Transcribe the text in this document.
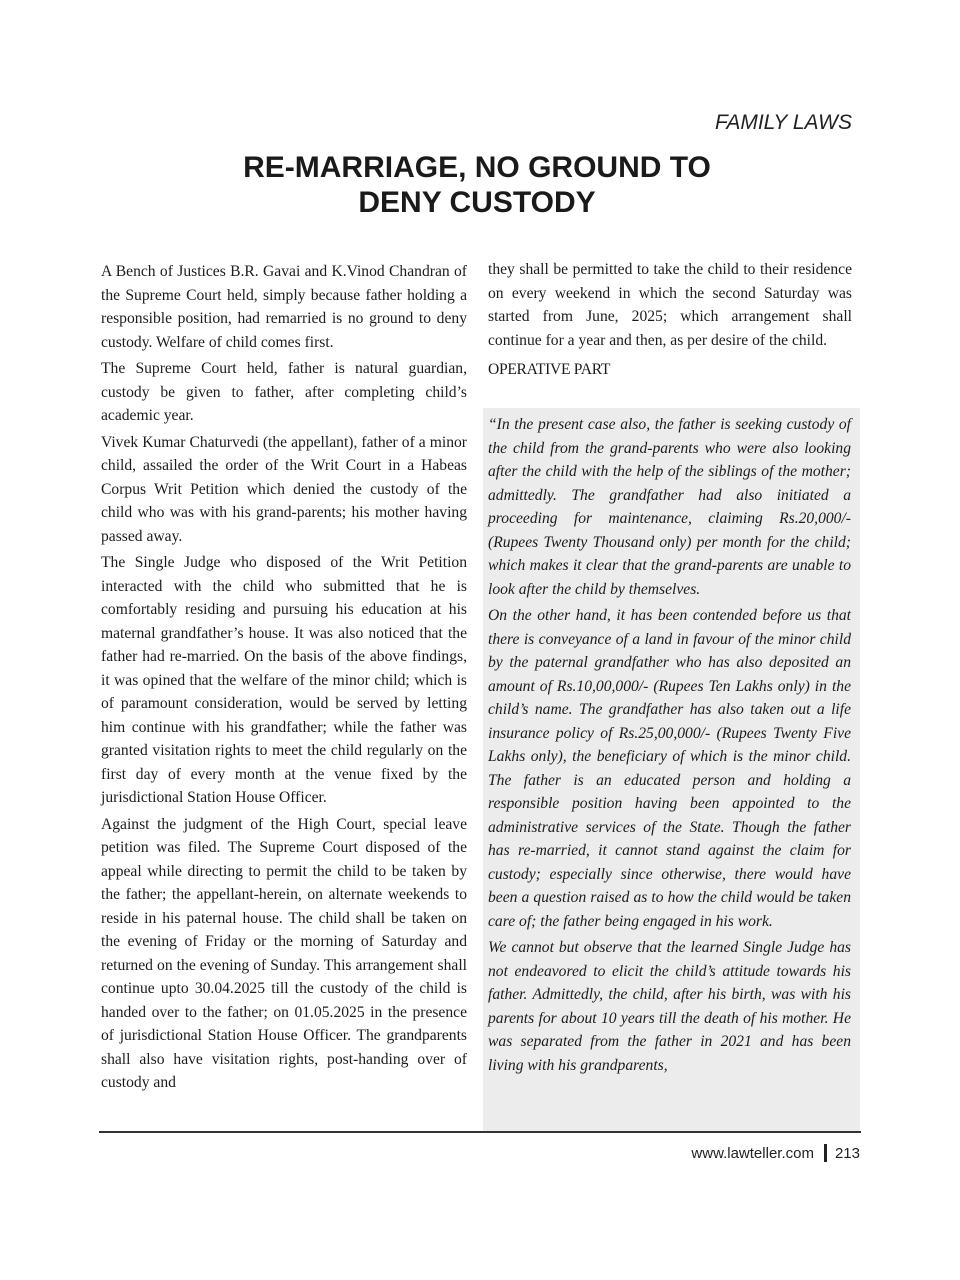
FAMILY LAWS
RE-MARRIAGE, NO GROUND TO
DENY CUSTODY

A Bench of Justices B.R. Gavai and K.Vinod Chandran of the Supreme Court held, simply because father holding a responsible position, had remarried is no ground to deny custody. Welfare of child comes first.

The Supreme Court held, father is natural guardian, custody be given to father, after completing child’s academic year.

Vivek Kumar Chaturvedi (the appellant), father of a minor child, assailed the order of the Writ Court in a Habeas Corpus Writ Petition which denied the custody of the child who was with his grand-parents; his mother having passed away.

The Single Judge who disposed of the Writ Petition interacted with the child who submitted that he is comfortably residing and pursuing his education at his maternal grandfather’s house. It was also noticed that the father had re-married. On the basis of the above findings, it was opined that the welfare of the minor child; which is of paramount consideration, would be served by letting him continue with his grandfather; while the father was granted visitation rights to meet the child regularly on the first day of every month at the venue fixed by the jurisdictional Station House Officer.

Against the judgment of the High Court, special leave petition was filed. The Supreme Court disposed of the appeal while directing to permit the child to be taken by the father; the appellant-herein, on alternate weekends to reside in his paternal house. The child shall be taken on the evening of Friday or the morning of Saturday and returned on the evening of Sunday. This arrangement shall continue upto 30.04.2025 till the custody of the child is handed over to the father; on 01.05.2025 in the presence of jurisdictional Station House Officer. The grandparents shall also have visitation rights, post-handing over of custody and

“In the present case also, the father is seeking custody of the child from the grand-parents who were also looking after the child with the help of the siblings of the mother; admittedly. The grandfather had also initiated a proceeding for maintenance, claiming Rs.20,000/- (Rupees Twenty Thousand only) per month for the child; which makes it clear that the grand-parents are unable to look after the child by themselves.

On the other hand, it has been contended before us that there is conveyance of a land in favour of the minor child by the paternal grandfather who has also deposited an amount of Rs.10,00,000/- (Rupees Ten Lakhs only) in the child’s name. The grandfather has also taken out a life insurance policy of Rs.25,00,000/- (Rupees Twenty Five Lakhs only), the beneficiary of which is the minor child. The father is an educated person and holding a responsible position having been appointed to the administrative services of the State. Though the father has re-married, it cannot stand against the claim for custody; especially since otherwise, there would have been a question raised as to how the child would be taken care of; the father being engaged in his work.

We cannot but observe that the learned Single Judge has not endeavored to elicit the child’s attitude towards his father. Admittedly, the child, after his birth, was with his parents for about 10 years till the death of his mother. He was separated from the father in 2021 and has been living with his grandparents,

they shall be permitted to take the child to their residence on every weekend in which the second Saturday was started from June, 2025; which arrangement shall continue for a year and then, as per desire of the child.

OPERATIVE PART
www.lawteller.com 213
